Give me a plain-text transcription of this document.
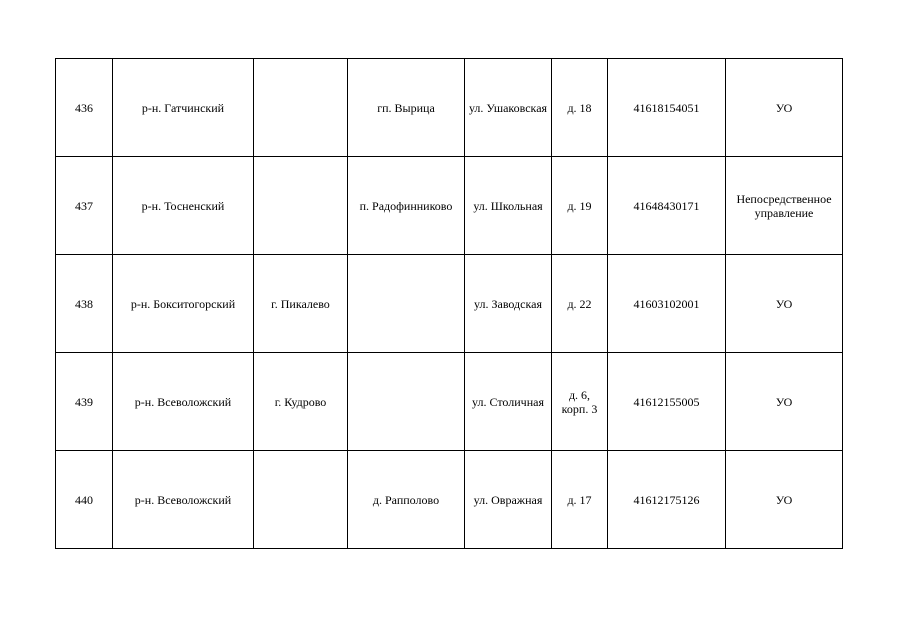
436	р-н. Гатчинский		гп. Вырица	ул. Ушаковская	д. 18	41618154051	УО
437	р-н. Тосненский		п. Радофинниково	ул. Школьная	д. 19	41648430171	Непосредственное управление
438	р-н. Бокситогорский	г. Пикалево		ул. Заводская	д. 22	41603102001	УО
439	р-н. Всеволожский	г. Кудрово		ул. Столичная	д. 6, корп. 3	41612155005	УО
440	р-н. Всеволожский		д. Рапполово	ул. Овражная	д. 17	41612175126	УО
